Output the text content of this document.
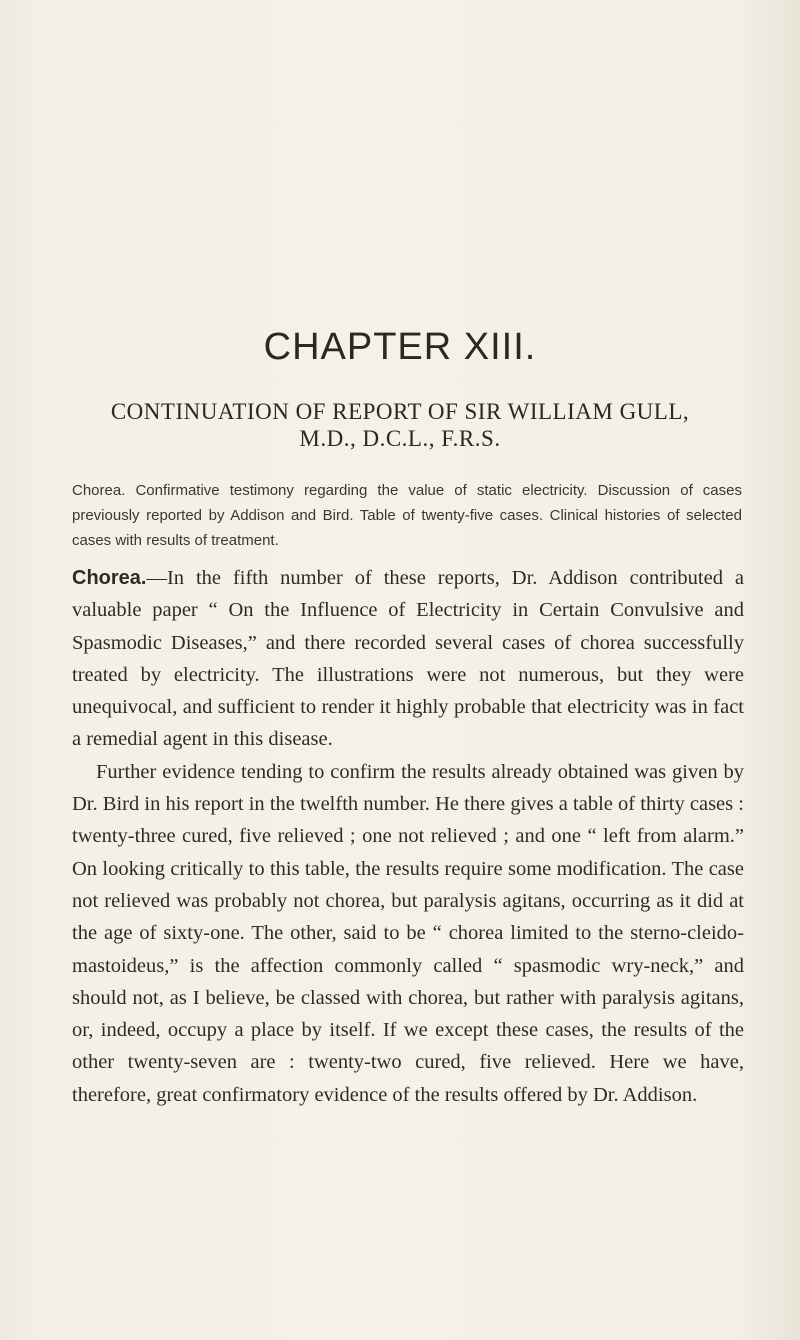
CHAPTER XIII.
CONTINUATION OF REPORT OF SIR WILLIAM GULL,
M.D., D.C.L., F.R.S.
Chorea. Confirmative testimony regarding the value of static electricity. Discussion of cases previously reported by Addison and Bird. Table of twenty-five cases. Clinical histories of selected cases with results of treatment.

Chorea.—In the fifth number of these reports, Dr. Addison contributed a valuable paper “ On the Influence of Electricity in Certain Convulsive and Spasmodic Diseases,” and there recorded several cases of chorea successfully treated by electricity. The illustrations were not numerous, but they were unequivocal, and sufficient to render it highly probable that electricity was in fact a remedial agent in this disease.

Further evidence tending to confirm the results already obtained was given by Dr. Bird in his report in the twelfth number. He there gives a table of thirty cases : twenty-three cured, five relieved ; one not relieved ; and one “ left from alarm.” On looking critically to this table, the results require some modification. The case not relieved was probably not chorea, but paralysis agitans, occurring as it did at the age of sixty-one. The other, said to be “ chorea limited to the sterno-cleido-mastoideus,” is the affection commonly called “ spasmodic wry-neck,” and should not, as I believe, be classed with chorea, but rather with paralysis agitans, or, indeed, occupy a place by itself. If we except these cases, the results of the other twenty-seven are : twenty-two cured, five relieved. Here we have, therefore, great confirmatory evidence of the results offered by Dr. Addison.
